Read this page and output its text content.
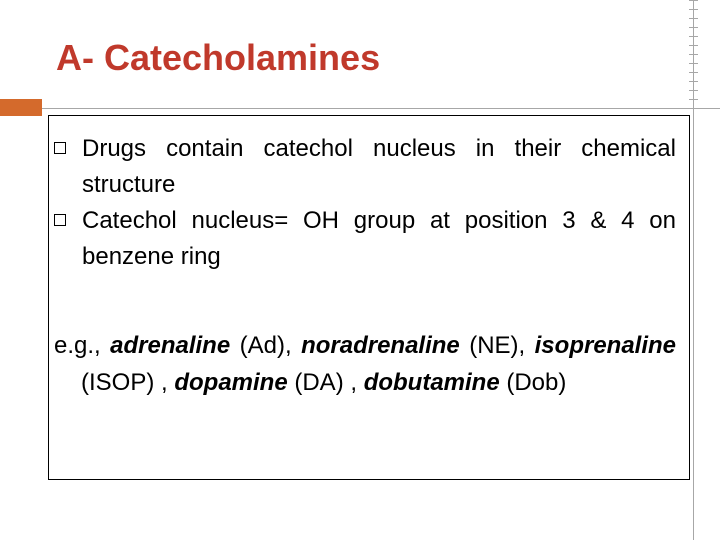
A- Catecholamines
Drugs contain catechol nucleus in their chemical structure
Catechol nucleus= OH group at position 3 & 4 on benzene ring

e.g., adrenaline (Ad), noradrenaline (NE), isoprenaline (ISOP) , dopamine (DA) , dobutamine (Dob)
